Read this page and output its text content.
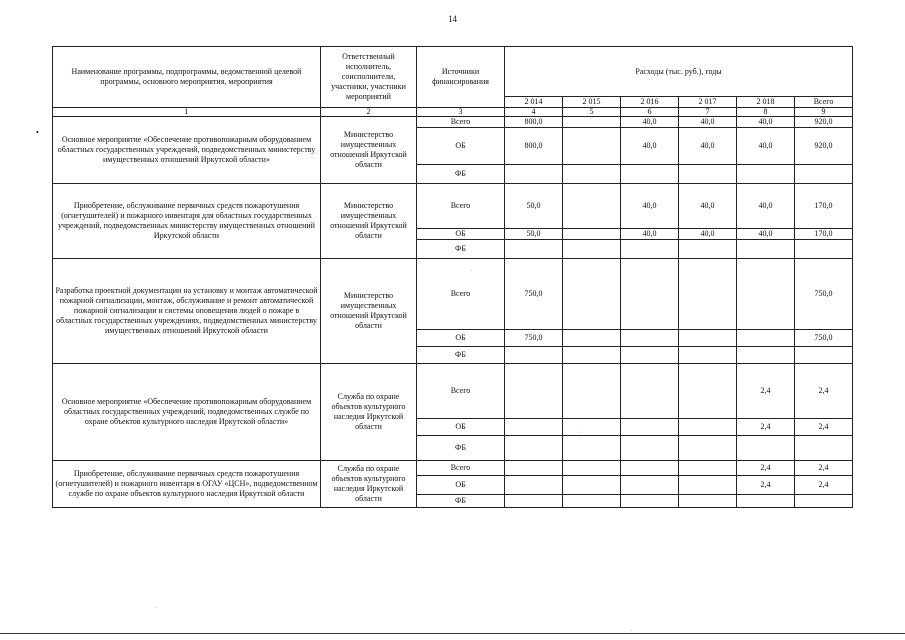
14
•
Наименование программы, подпрограммы, ведомственной целевой программы, основного мероприятия, мероприятия	Ответственный исполнитель, соисполнители, участники, участники мероприятий	Источники финансирования	Расходы (тыс. руб.), годы					
			2 014	2 015	2 016	2 017	2 018	Всего
1	2	3	4	5	6	7	8	9
Основное мероприятие «Обеспечение противопожарным оборудованием областных государственных учреждений, подведомственных министерству имущественных отношений Иркутской области»	Министерство имущественных отношений Иркутской области	Всего	800,0		40,0	40,0	40,0	920,0
		ОБ	800,0		40,0	40,0	40,0	920,0
		ФБ						
Приобретение, обслуживание первичных средств пожаротушения (огнетушителей) и пожарного инвентаря для областных государственных учреждений, подведомственных министерству имущественных отношений Иркутской области	Министерство имущественных отношений Иркутской области	Всего	50,0		40,0	40,0	40,0	170,0
		ОБ	50,0		40,0	40,0	40,0	170,0
		ФБ						
Разработка проектной документации на установку и монтаж автоматической пожарной сигнализации, монтаж, обслуживание и ремонт автоматической пожарной сигнализации и системы оповещения людей о пожаре в областных государственных учреждениях, подведомственных министерству имущественных отношений Иркутской области	Министерство имущественных отношений Иркутской области	Всего	750,0					750,0
		ОБ	750,0					750,0
		ФБ						
Основное мероприятие «Обеспечение противопожарным оборудованием областных государственных учреждений, подведомственных службе по охране объектов культурного наследия Иркутской области»	Служба по охране объектов культурного наследия Иркутской области	Всего					2,4	2,4
		ОБ					2,4	2,4
		ФБ						
Приобретение, обслуживание первичных средств пожаротушения (огнетушителей) и пожарного инвентаря в ОГАУ «ЦСН», подведомственном службе по охране объектов культурного наследия Иркутской области	Служба по охране объектов культурного наследия Иркутской области	Всего					2,4	2,4
		ОБ					2,4	2,4
		ФБ						
·
·
·
·
